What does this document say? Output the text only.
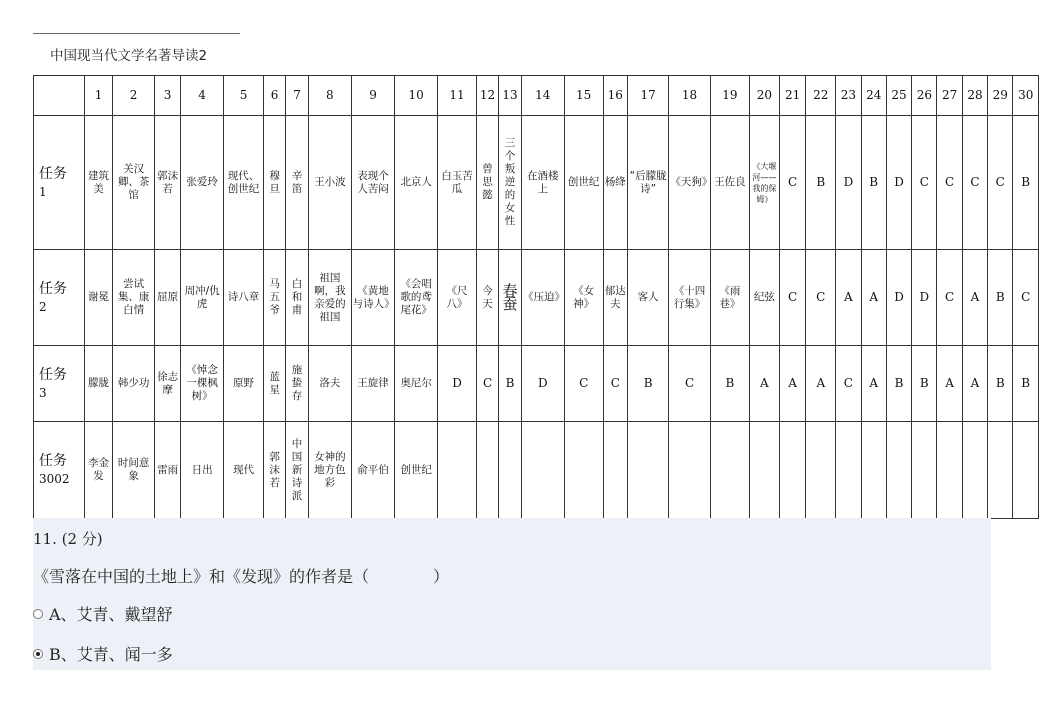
中国现当代文学名著导读2
	1	2	3	4	5	6	7	8	9	10	11	12	13	14	15	16	17	18	19	20	21	22	23	24	25	26	27	28	29	30
任务
1	建筑美	关汉卿、茶馆	郭沫若	张爱玲	现代、创世纪	穆旦	辛笛	王小波	表现个人苦闷	北京人	白玉苦瓜	曾思懿	三个叛逆的女性	在酒楼上	创世纪	杨绛	“后朦胧诗”	《天狗》	王佐良	《大堰河——我的保姆》	C	B	D	B	D	C	C	C	C	B
任务
2	谢冕	尝试集、康白情	屈原	周冲/仇虎	诗八章	马五爷	白和甫	祖国啊，我亲爱的祖国	《黄地与诗人》	《会唱歌的鸢尾花》	《尺八》	今天	春蚕	《压迫》	《女神》	郁达夫	客人	《十四行集》	《雨巷》	纪弦	C	C	A	A	D	D	C	A	B	C
任务
3	朦胧	韩少功	徐志摩	《悼念一棵枫树》	原野	蓝星	施蛰存	洛夫	王旋律	奥尼尔	D	C	B	D	C	C	B	C	B	A	A	A	C	A	B	B	A	A	B	B
任务
3002	李金发	时间意象	雷雨	日出	现代	郭沫若	中国新诗派	女神的地方色彩	俞平伯	创世纪																				
11. (2 分)
《雪落在中国的土地上》和《发现》的作者是（　　　　）
A、艾青、戴望舒
B、艾青、闻一多
